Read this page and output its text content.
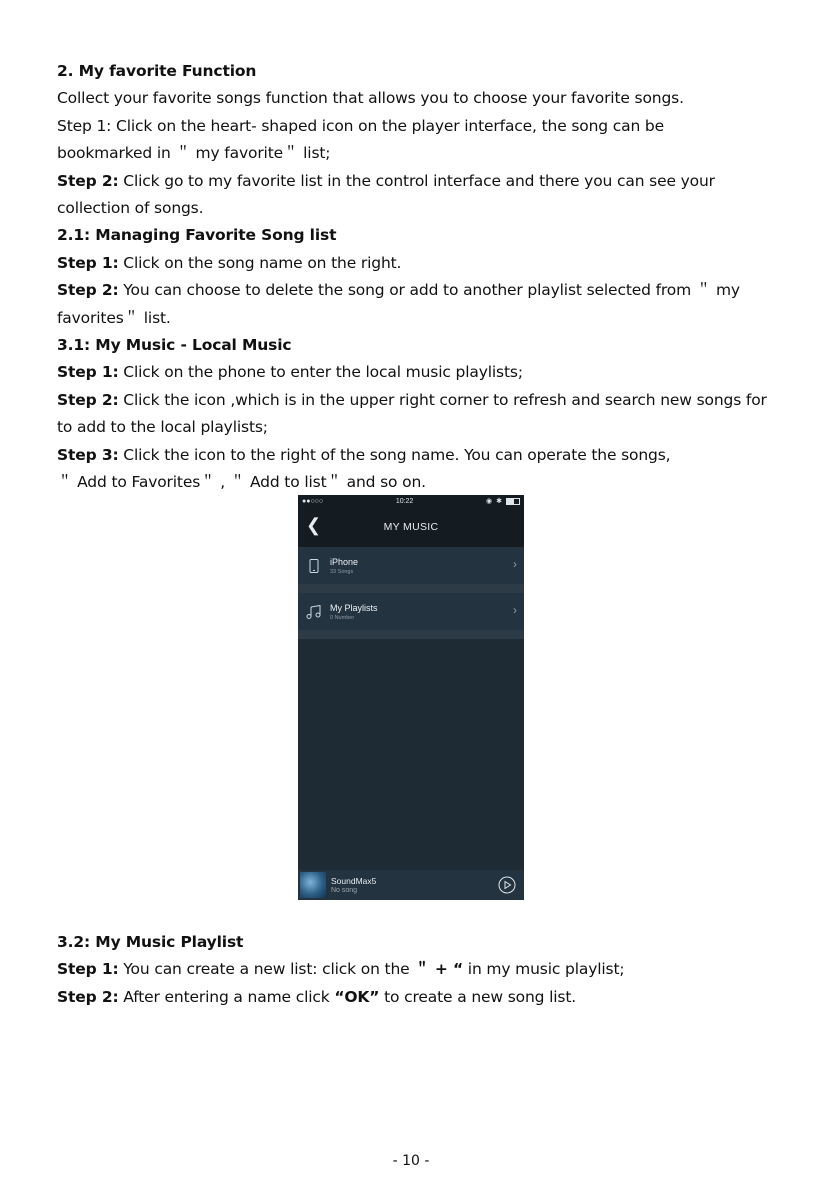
2. My favorite Function

Collect your favorite songs function that allows you to choose your favorite songs.

Step 1: Click on the heart- shaped icon on the player interface, the song can be

bookmarked in ＂ my favorite＂ list;

Step 2: Click go to my favorite list in the control interface and there you can see your

collection of songs.

2.1: Managing Favorite Song list

Step 1: Click on the song name on the right.

Step 2: You can choose to delete the song or add to another playlist selected from ＂ my

favorites＂ list.

3.1: My Music - Local Music

Step 1: Click on the phone to enter the local music playlists;

Step 2: Click the icon ,which is in the upper right corner to refresh and search new songs for

to add to the local playlists;

Step 3: Click the icon to the right of the song name. You can operate the songs,

＂ Add to Favorites＂ , ＂ Add to list＂ and so on.

●●○○○	10:22	◉ ✱
❮	MY MUSIC
iPhone
33 Songs
›
My Playlists
0 Number
›
SoundMax5
No song

3.2: My Music Playlist

Step 1: You can create a new list: click on the ＂ + “ in my music playlist;

Step 2: After entering a name click “OK” to create a new song list.

- 10 -
